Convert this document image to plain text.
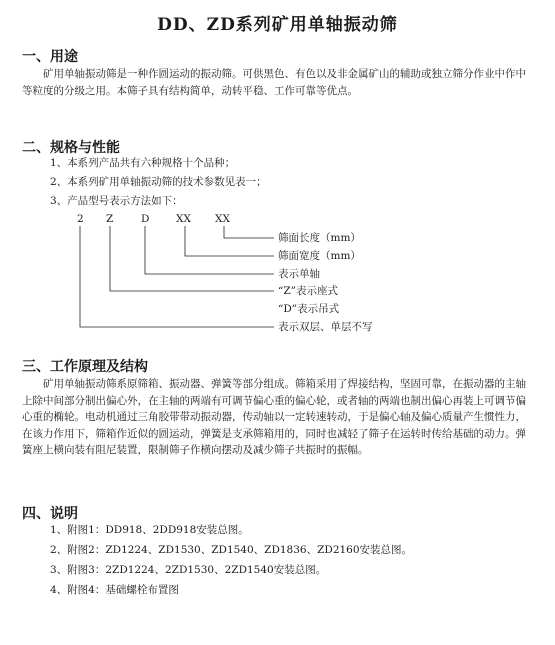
DD、ZD系列矿用单轴振动筛
一、用途
矿用单轴振动筛是一种作圆运动的振动筛。可供黑色、有色以及非金属矿山的辅助或独立筛分作业中作中等粒度的分级之用。本筛子具有结构简单，动转平稳、工作可靠等优点。
二、规格与性能
1、本系列产品共有六种规格十个品种；
2、本系列矿用单轴振动筛的技术参数见表一；
3、产品型号表示方法如下：
2 Z	D	XX XX
筛面长度（mm）
筛面宽度（mm）
表示单轴
“Z”表示座式
“D”表示吊式
表示双层、单层不写
三、工作原理及结构
矿用单轴振动筛系原筛箱、振动器、弹簧等部分组成。筛箱采用了焊接结构，坚固可靠，在振动器的主轴上除中间部分制出偏心外，在主轴的两端有可调节偏心重的偏心轮，或者轴的两端也制出偏心再装上可调节偏心重的椭轮。电动机通过三角胶带带动振动器，传动轴以一定转速转动，于是偏心轴及偏心质量产生惯性力，在该力作用下，筛箱作近似的圆运动，弹簧是支承筛箱用的，同时也减轻了筛子在运转时传给基础的动力。弹簧座上横向装有阻尼装置，限制筛子作横向摆动及减少筛子共振时的振幅。
四、说明
1、附图1：DD918、2DD918安装总图。
2、附图2：ZD1224、ZD1530、ZD1540、ZD1836、ZD2160安装总图。
3、附图3：2ZD1224、2ZD1530、2ZD1540安装总图。
4、附图4：基础螺栓布置图
